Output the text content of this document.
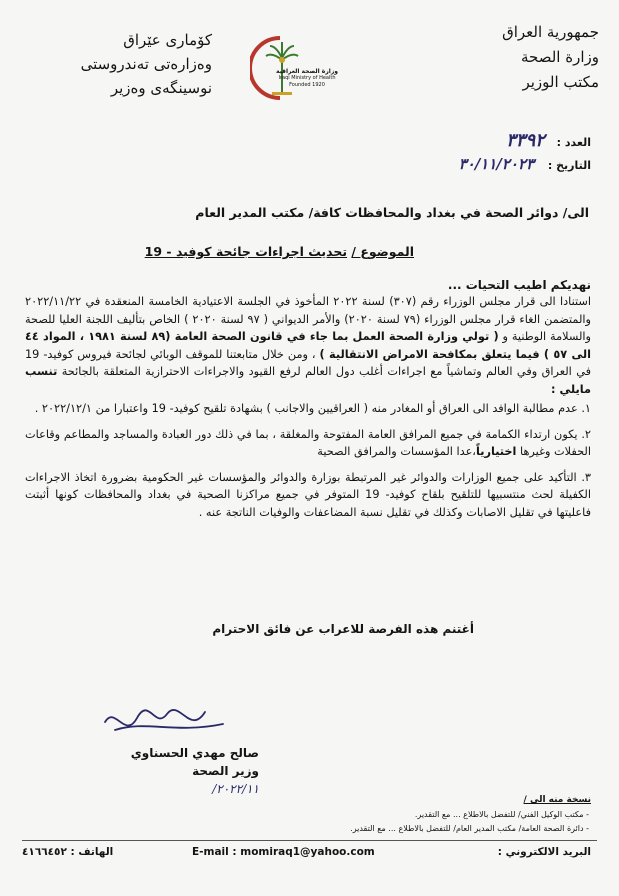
جمهورية العراق
وزارة الصحة
مكتب الوزير
كۆماری عێراق
وەزارەتی تەندروستی
نوسینگەی وەزیر
وزارة الصحة العراقية
Iraqi Ministry of Health
Founded 1920
العدد : ٣٣٩٢
التاريخ : ٣٠/١١/٢٠٢٣
الى/ دوائر الصحة في بغداد والمحافظات كافة/ مكتب المدير العام
الموضوع / تحديث اجراءات جائحة كوفيد - 19
نهديكم اطيب التحيات ...

استنادا الى قرار مجلس الوزراء رقم (٣٠٧) لسنة ٢٠٢٢ المأخوذ في الجلسة الاعتيادية الخامسة المنعقدة في ٢٠٢٢/١١/٢٢ والمتضمن الغاء قرار مجلس الوزراء (٧٩ لسنة ٢٠٢٠) والأمر الديواني ( ٩٧ لسنة ٢٠٢٠ ) الخاص بتأليف اللجنة العليا للصحة والسلامة الوطنية و ( تولي وزارة الصحة العمل بما جاء في قانون الصحة العامة (٨٩ لسنة ١٩٨١ ، المواد ٤٤ الى ٥٧ ) فيما يتعلق بمكافحة الامراض الانتقالية ) ، ومن خلال متابعتنا للموقف الوبائي لجائحة فيروس كوفيد- 19 في العراق وفي العالم وتماشياً مع اجراءات أغلب دول العالم لرفع القيود والاجراءات الاحترازية المتعلقة بالجائحة تنسب مايلي :

١. عدم مطالبة الوافد الى العراق أو المغادر منه ( العراقيين والاجانب ) بشهادة تلقيح كوفيد- 19 واعتبارا من ٢٠٢٢/١٢/١ .

٢. يكون ارتداء الكمامة في جميع المرافق العامة المفتوحة والمغلقة ، بما في ذلك دور العبادة والمساجد والمطاعم وقاعات الحفلات وغيرها اختيارياً،عدا المؤسسات والمرافق الصحية

٣. التأكيد على جميع الوزارات والدوائر غير المرتبطة بوزارة والدوائر والمؤسسات غير الحكومية بضرورة اتخاذ الاجراءات الكفيلة لحث منتسبيها للتلقيح بلقاح كوفيد- 19 المتوفر في جميع مراكزنا الصحية في بغداد والمحافظات كونها أثبتت فاعليتها في تقليل الاصابات وكذلك في تقليل نسبة المضاعفات والوفيات الناتجة عنه .

أغتنم هذه الفرصة للاعراب عن فائق الاحترام
صالح مهدي الحسناوي
وزير الصحة
٢٠٢٢/١١/
نسخة منه الى /
- مكتب الوكيل الفني/ للتفضل بالاطلاع ... مع التقدير.
- دائرة الصحة العامة/ مكتب المدير العام/ للتفضل بالاطلاع ... مع التقدير.
البريد الالكتروني :
E-mail : momiraq1@yahoo.com
الهاتف : ٤١٦٦٤٥٢
